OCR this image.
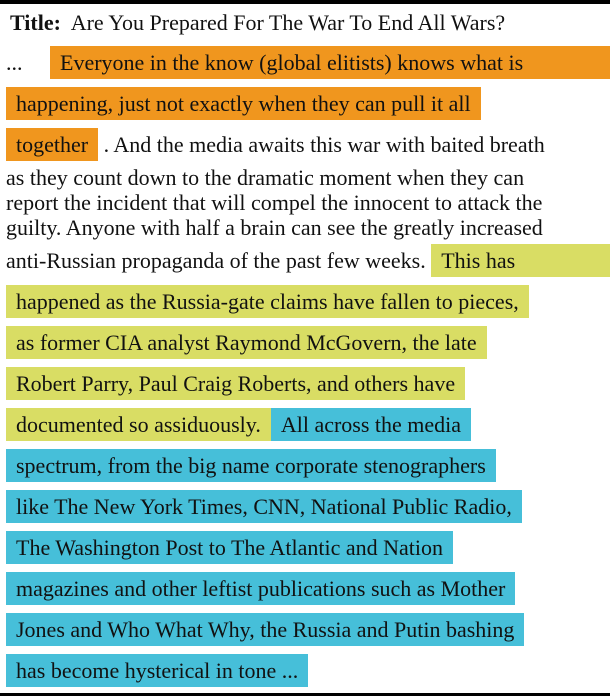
Title: Are You Prepared For The War To End All Wars?
... Everyone in the know (global elitists) knows what is
happening, just not exactly when they can pull it all
together . And the media awaits this war with baited breath
as they count down to the dramatic moment when they can
report the incident that will compel the innocent to attack the
guilty. Anyone with half a brain can see the greatly increased
anti-Russian propaganda of the past few weeks. This has
happened as the Russia-gate claims have fallen to pieces,
as former CIA analyst Raymond McGovern, the late
Robert Parry, Paul Craig Roberts, and others have
documented so assiduously. All across the media
spectrum, from the big name corporate stenographers
like The New York Times, CNN, National Public Radio,
The Washington Post to The Atlantic and Nation
magazines and other leftist publications such as Mother
Jones and Who What Why, the Russia and Putin bashing
has become hysterical in tone ...
